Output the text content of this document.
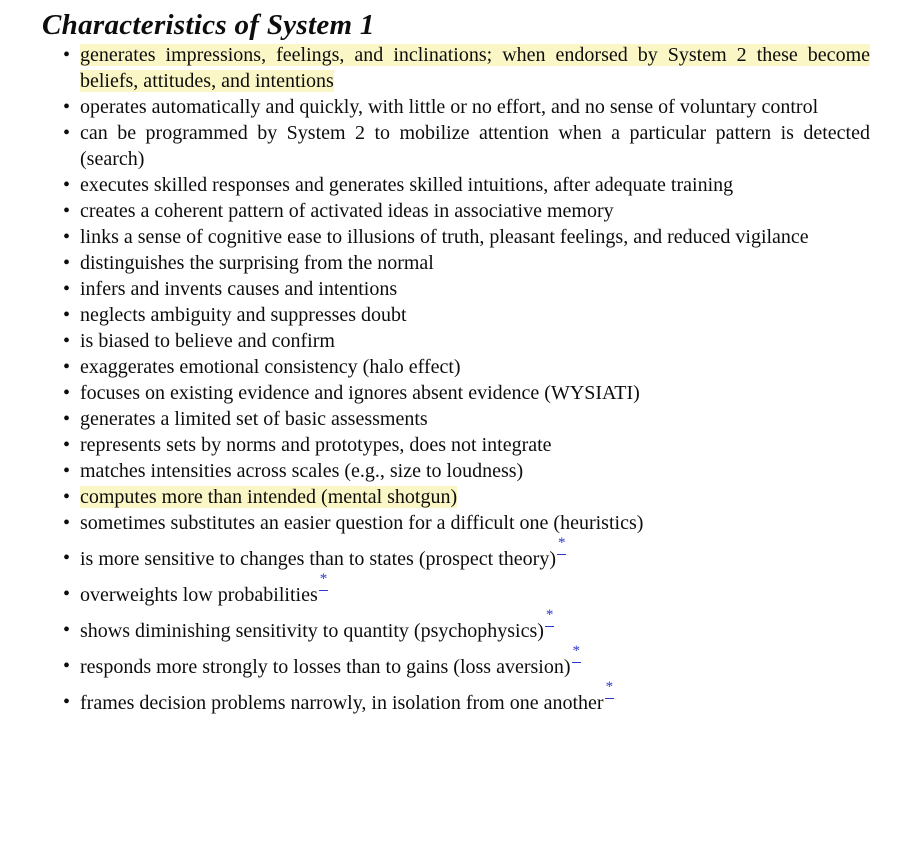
Characteristics of System 1
• generates impressions, feelings, and inclinations; when endorsed by System 2 these become beliefs, attitudes, and intentions
• operates automatically and quickly, with little or no effort, and no sense of voluntary control
• can be programmed by System 2 to mobilize attention when a particular pattern is detected (search)
• executes skilled responses and generates skilled intuitions, after adequate training
• creates a coherent pattern of activated ideas in associative memory
• links a sense of cognitive ease to illusions of truth, pleasant feelings, and reduced vigilance
• distinguishes the surprising from the normal
• infers and invents causes and intentions
• neglects ambiguity and suppresses doubt
• is biased to believe and confirm
• exaggerates emotional consistency (halo effect)
• focuses on existing evidence and ignores absent evidence (WYSIATI)
• generates a limited set of basic assessments
• represents sets by norms and prototypes, does not integrate
• matches intensities across scales (e.g., size to loudness)
• computes more than intended (mental shotgun)
• sometimes substitutes an easier question for a difficult one (heuristics)
• is more sensitive to changes than to states (prospect theory)
*
• overweights low probabilities
*
• shows diminishing sensitivity to quantity (psychophysics)
*
• responds more strongly to losses than to gains (loss aversion)
*
• frames decision problems narrowly, in isolation from one another
*
